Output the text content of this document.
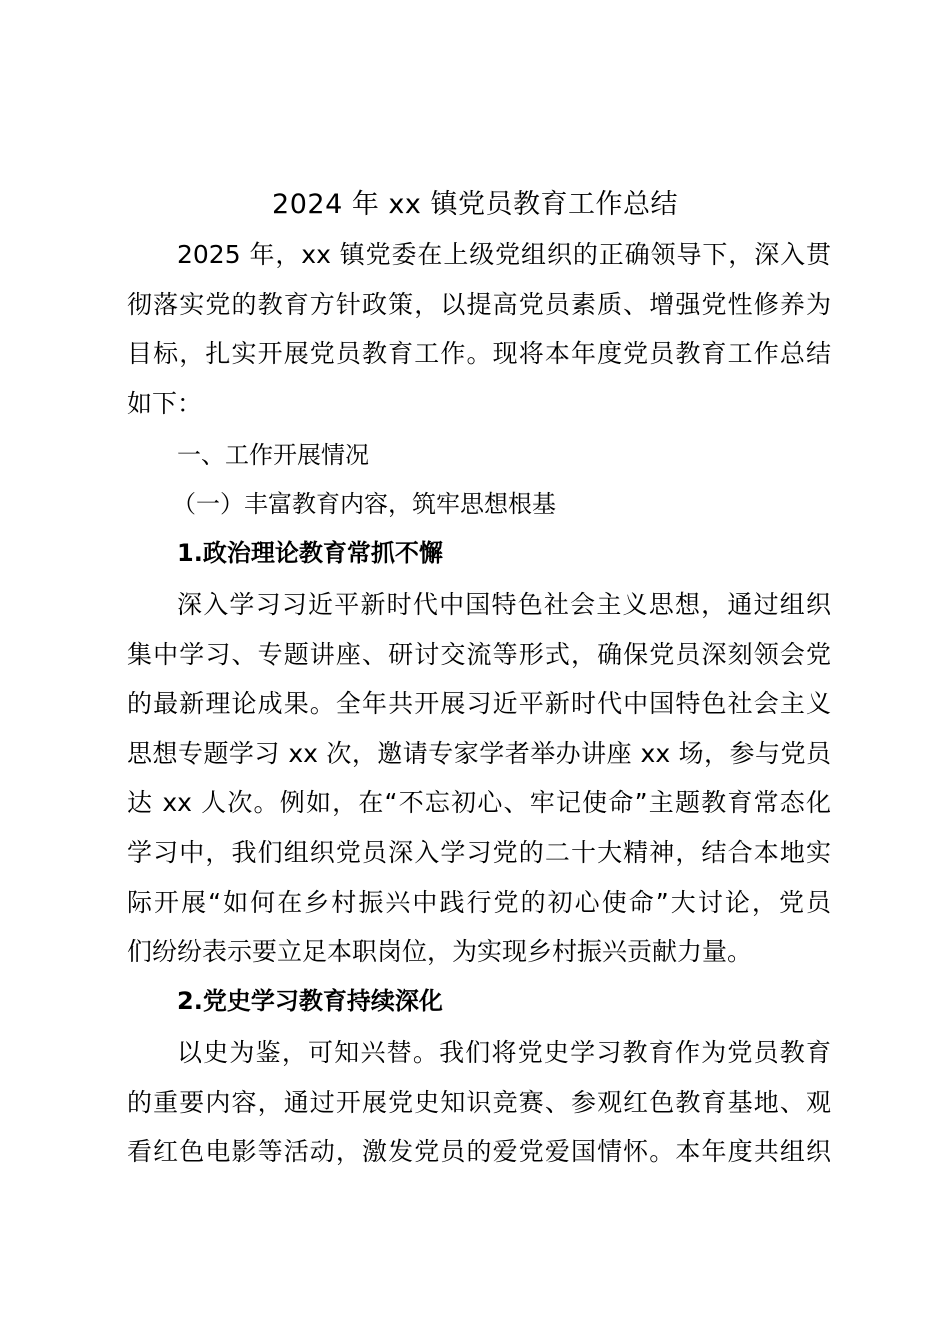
2024 年 xx 镇党员教育工作总结
2025 年，xx 镇党委在上级党组织的正确领导下，深入贯
彻落实党的教育方针政策，以提高党员素质、增强党性修养为
目标，扎实开展党员教育工作。现将本年度党员教育工作总结
如下：
一、工作开展情况
（一）丰富教育内容，筑牢思想根基
1.政治理论教育常抓不懈
深入学习习近平新时代中国特色社会主义思想，通过组织
集中学习、专题讲座、研讨交流等形式，确保党员深刻领会党
的最新理论成果。全年共开展习近平新时代中国特色社会主义
思想专题学习 xx 次，邀请专家学者举办讲座 xx 场，参与党员
达 xx 人次。例如，在“不忘初心、牢记使命”主题教育常态化
学习中，我们组织党员深入学习党的二十大精神，结合本地实
际开展“如何在乡村振兴中践行党的初心使命”大讨论，党员
们纷纷表示要立足本职岗位，为实现乡村振兴贡献力量。
2.党史学习教育持续深化
以史为鉴，可知兴替。我们将党史学习教育作为党员教育
的重要内容，通过开展党史知识竞赛、参观红色教育基地、观
看红色电影等活动，激发党员的爱党爱国情怀。本年度共组织
